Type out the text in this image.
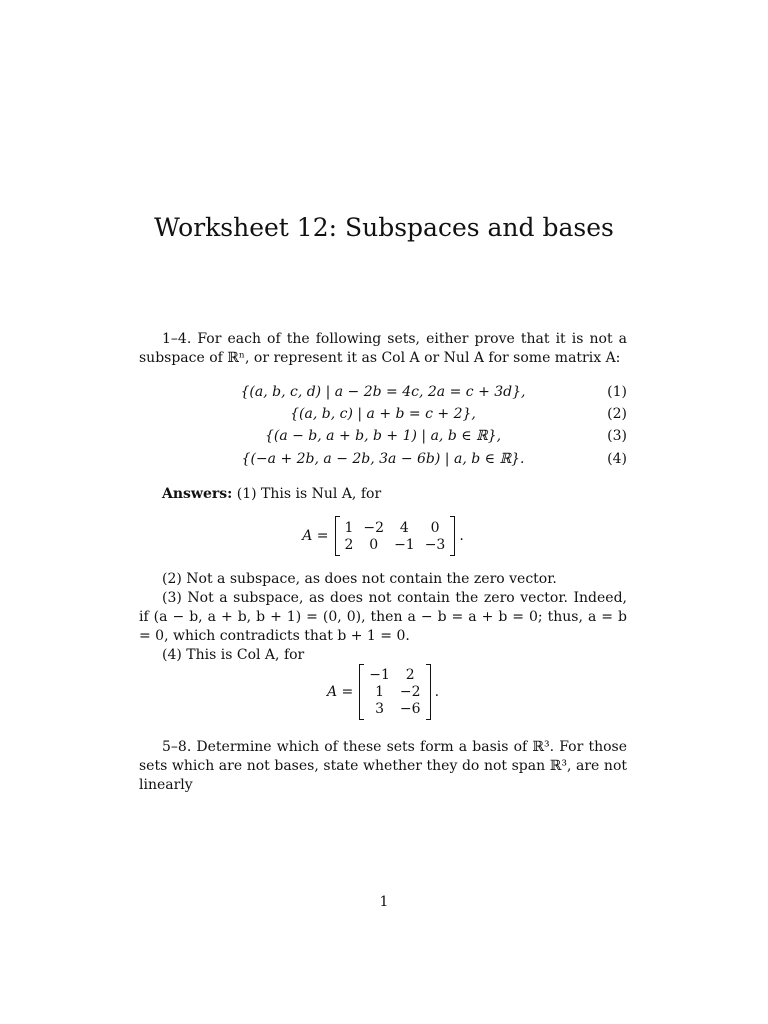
Worksheet 12: Subspaces and bases

1–4. For each of the following sets, either prove that it is not a subspace of ℝⁿ, or represent it as Col A or Nul A for some matrix A:

{(a, b, c, d) | a − 2b = 4c, 2a = c + 3d},	(1)
{(a, b, c) | a + b = c + 2},	(2)
{(a − b, a + b, b + 1) | a, b ∈ ℝ},	(3)
{(−a + 2b, a − 2b, 3a − 6b) | a, b ∈ ℝ}.	(4)

Answers: (1) This is Nul A, for

A =
1	−2	4	0
2	0	−1	−3
.

(2) Not a subspace, as does not contain the zero vector.

(3) Not a subspace, as does not contain the zero vector. Indeed, if (a − b, a + b, b + 1) = (0, 0), then a − b = a + b = 0; thus, a = b = 0, which contradicts that b + 1 = 0.

(4) This is Col A, for

A =
−1	2
1	−2
3	−6
.

5–8. Determine which of these sets form a basis of ℝ³. For those sets which are not bases, state whether they do not span ℝ³, are not linearly

1
